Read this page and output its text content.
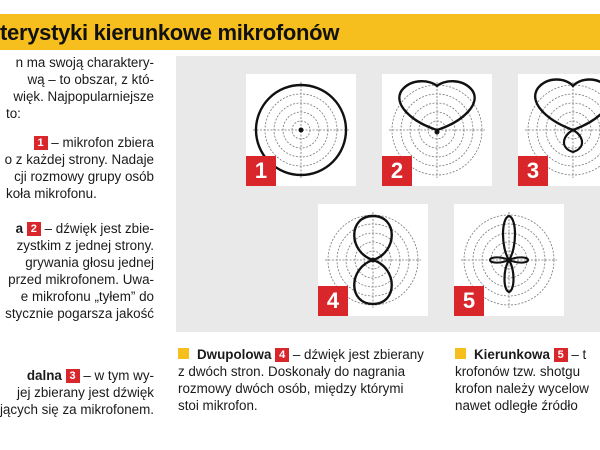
terystyki kierunkowe mikrofonów
n ma swoją charaktery-
wą – to obszar, z któ-
więk. Najpopularniejsze
to:
1 – mikrofon zbiera
o z każdej strony. Nadaje
cji rozmowy grupy osób
koła mikrofonu.
a 2 – dźwięk jest zbie-
zystkim z jednej strony.
grywania głosu jednej
przed mikrofonem. Uwa-
e mikrofonu „tyłem” do
stycznie pogarsza jakość
dalna 3 – w tym wy-
jej zbierany jest dźwięk
jących się za mikrofonem.
1	2	3
4	5
Dwupolowa 4 – dźwięk jest zbierany
z dwóch stron. Doskonały do nagrania
rozmowy dwóch osób, między którymi
stoi mikrofon.
Kierunkowa 5 – t
krofonów tzw. shotgu
krofon należy wycelow
nawet odległe źródło
